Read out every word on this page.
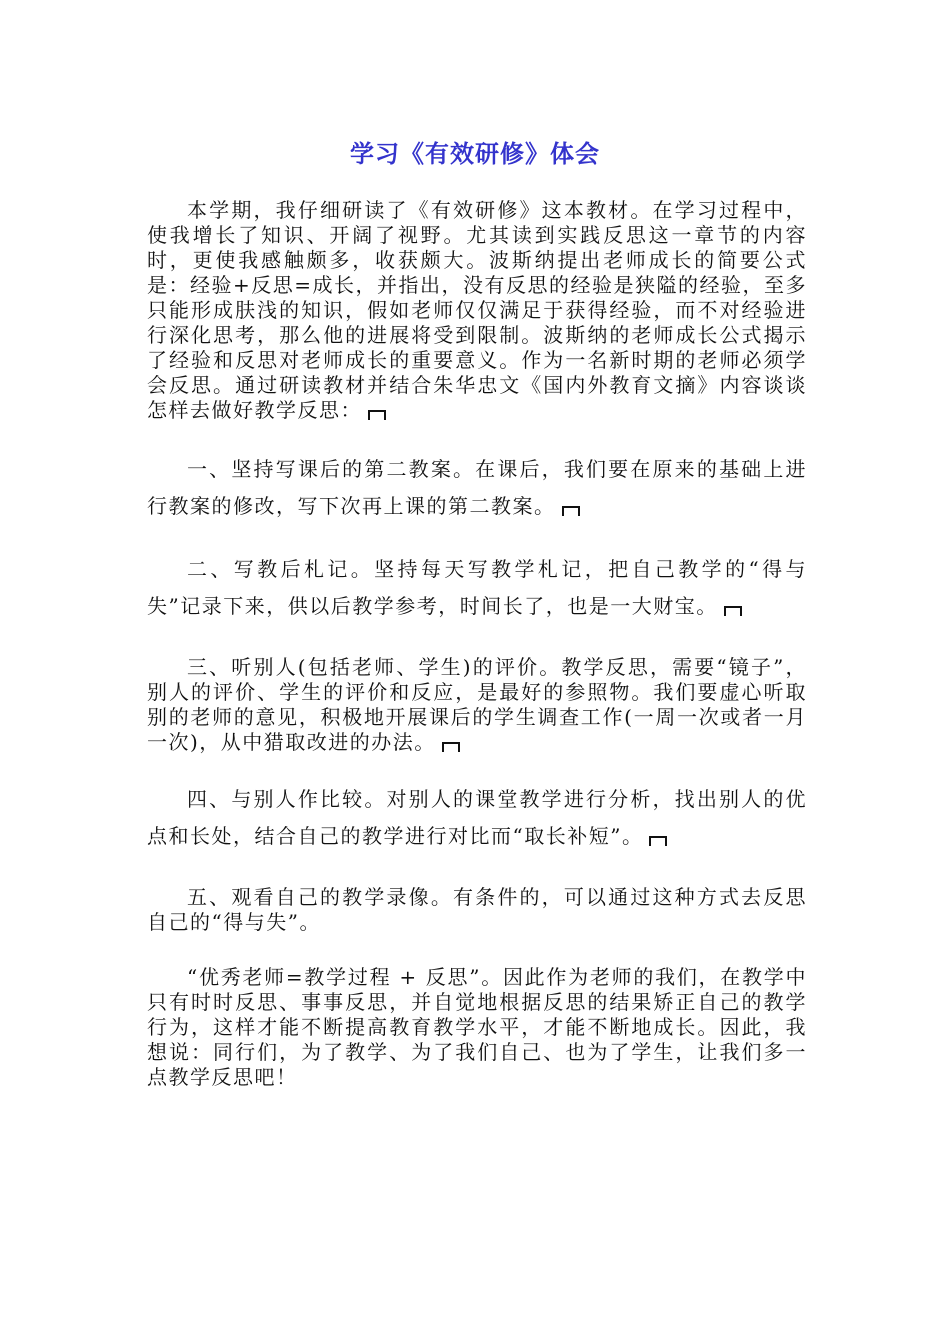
学习《有效研修》体会

本学期，我仔细研读了《有效研修》这本教材。在学习过程中，使我增长了知识、开阔了视野。尤其读到实践反思这一章节的内容时，更使我感触颇多，收获颇大。波斯纳提出老师成长的简要公式是：经验+反思=成长，并指出，没有反思的经验是狭隘的经验，至多只能形成肤浅的知识，假如老师仅仅满足于获得经验，而不对经验进行深化思考，那么他的进展将受到限制。波斯纳的老师成长公式揭示了经验和反思对老师成长的重要意义。作为一名新时期的老师必须学会反思。通过研读教材并结合朱华忠文《国内外教育文摘》内容谈谈怎样去做好教学反思：

一、坚持写课后的第二教案。在课后，我们要在原来的基础上进行教案的修改，写下次再上课的第二教案。

二、写教后札记。坚持每天写教学札记，把自己教学的“得与失”记录下来，供以后教学参考，时间长了，也是一大财宝。

三、听别人(包括老师、学生)的评价。教学反思，需要“镜子”，别人的评价、学生的评价和反应，是最好的参照物。我们要虚心听取别的老师的意见，积极地开展课后的学生调查工作(一周一次或者一月一次)，从中猎取改进的办法。

四、与别人作比较。对别人的课堂教学进行分析，找出别人的优点和长处，结合自己的教学进行对比而“取长补短”。

五、观看自己的教学录像。有条件的，可以通过这种方式去反思自己的“得与失”。

“优秀老师=教学过程 + 反思”。因此作为老师的我们，在教学中只有时时反思、事事反思，并自觉地根据反思的结果矫正自己的教学行为，这样才能不断提高教育教学水平，才能不断地成长。因此，我想说：同行们，为了教学、为了我们自己、也为了学生，让我们多一点教学反思吧！
